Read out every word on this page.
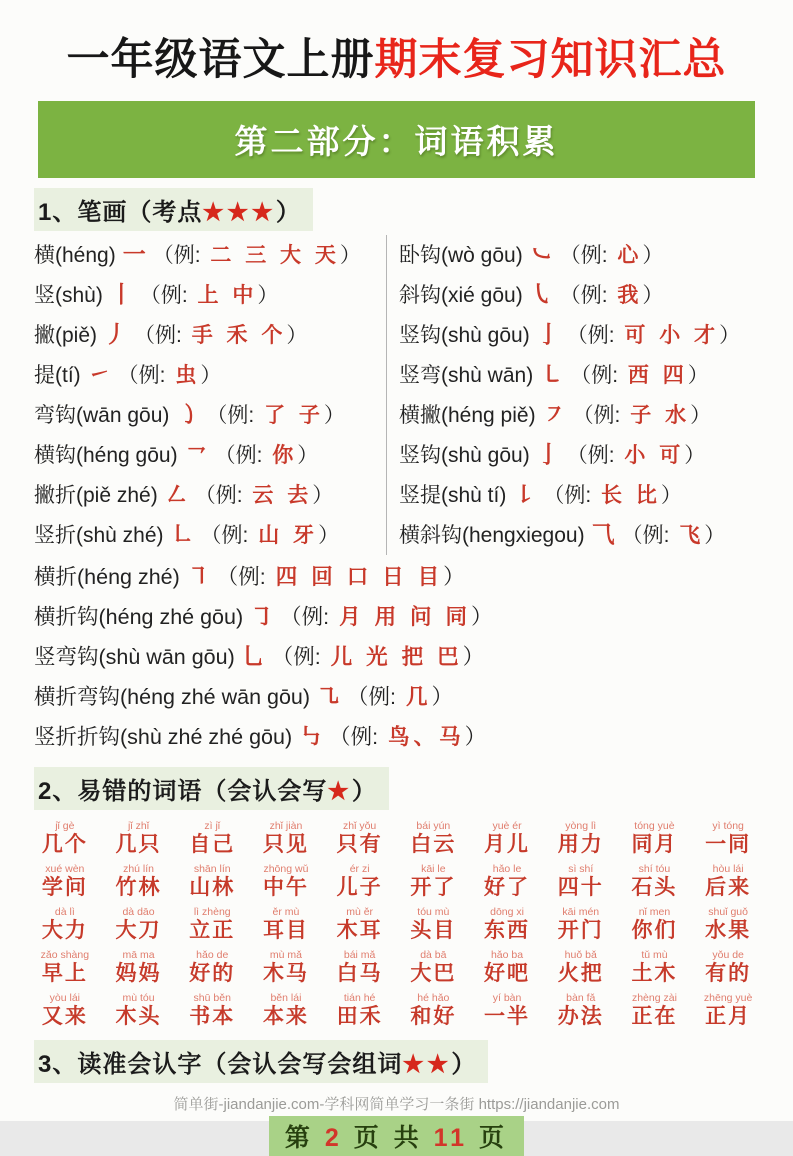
一年级语文上册期末复习知识汇总
第二部分：词语积累
1、笔画（考点★★★）
横(héng) 一 （例: 二 三 大 天）
竖(shù) 丨 （例: 上 中）
撇(piě) 丿 （例: 手 禾 个）
提(tí) ㇀ （例: 虫）
弯钩(wān gōu) ㇁ （例: 了 子）
横钩(héng gōu) ㇖ （例: 你）
撇折(piě zhé) ㇜ （例: 云 去）
竖折(shù zhé) ㇗ （例: 山 牙）
卧钩(wò gōu) ㇃ （例: 心）
斜钩(xié gōu) ㇂ （例: 我）
竖钩(shù gōu) 亅 （例: 可 小 才）
竖弯(shù wān) ㇄ （例: 西 四）
横撇(héng piě) ㇇ （例: 子 水）
竖钩(shù gōu) 亅 （例: 小 可）
竖提(shù tí) ㇙ （例: 长 比）
横斜钩(hengxiegou) ⺄ （例: 飞）
横折(héng zhé) ㇕ （例: 四 回 口 日 目）
横折钩(héng zhé gōu) ㇆ （例: 月 用 问 同）
竖弯钩(shù wān gōu) 乚 （例: 儿 光 把 巴）
横折弯钩(héng zhé wān gōu) ㇈ （例: 几）
竖折折钩(shù zhé zhé gōu) ㇉ （例: 鸟、马）
2、易错的词语（会认会写★）
jǐ gè
几个
jǐ zhǐ
几只
zì jǐ
自己
zhǐ jiàn
只见
zhǐ yǒu
只有
bái yún
白云
yuè ér
月儿
yòng lì
用力
tóng yuè
同月
yì tóng
一同
xué wèn
学问
zhú lín
竹林
shān lín
山林
zhōng wǔ
中午
ér zi
儿子
kāi le
开了
hǎo le
好了
sì shí
四十
shí tóu
石头
hòu lái
后来
dà lì
大力
dà dāo
大刀
lì zhèng
立正
ěr mù
耳目
mù ěr
木耳
tóu mù
头目
dōng xi
东西
kāi mén
开门
nǐ men
你们
shuǐ guǒ
水果
zǎo shàng
早上
mā ma
妈妈
hǎo de
好的
mù mǎ
木马
bái mǎ
白马
dà bā
大巴
hǎo ba
好吧
huǒ bǎ
火把
tǔ mù
土木
yǒu de
有的
yòu lái
又来
mù tóu
木头
shū běn
书本
běn lái
本来
tián hé
田禾
hé hǎo
和好
yí bàn
一半
bàn fǎ
办法
zhèng zài
正在
zhēng yuè
正月
3、读准会认字（会认会写会组词★★）
简单街-jiandanjie.com-学科网简单学习一条街 https://jiandanjie.com
第 2 页 共 11 页
